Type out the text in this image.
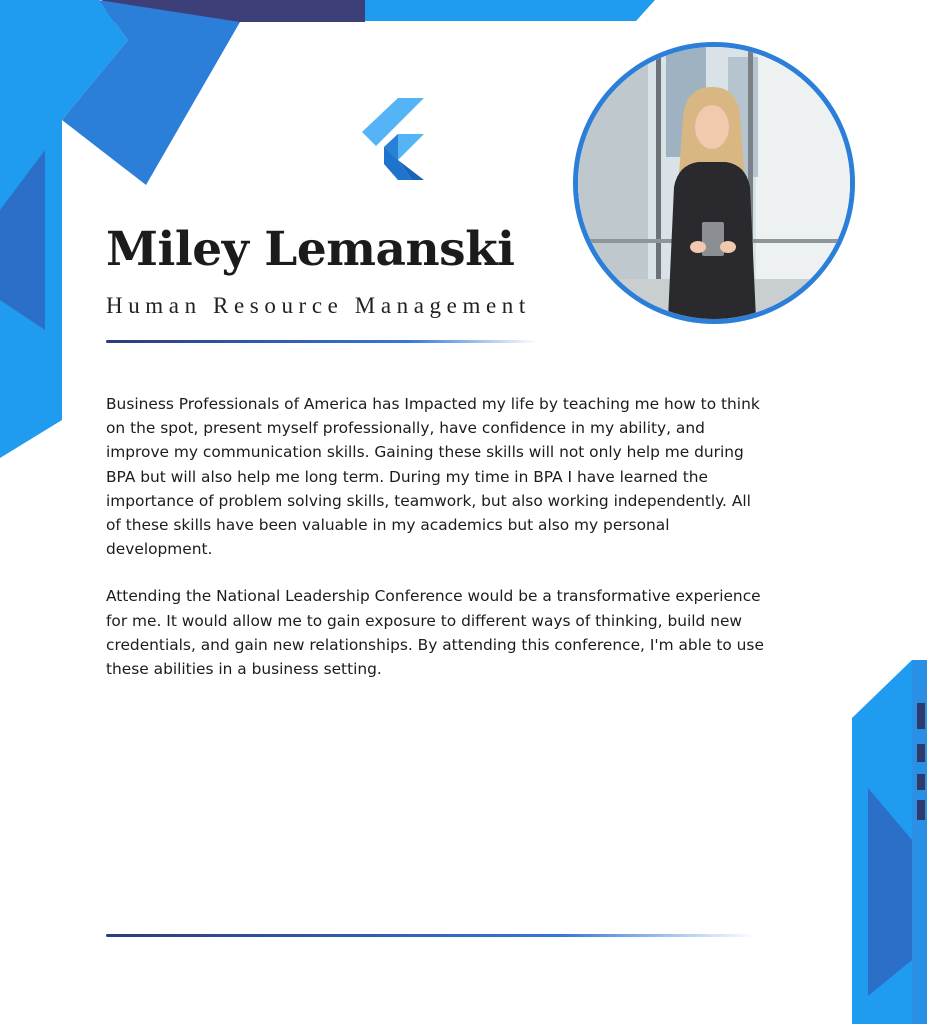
Miley Lemanski
Human Resource Management

Business Professionals of America has Impacted my life by teaching me how to think on the spot, present myself professionally, have confidence in my ability, and improve my communication skills. Gaining these skills will not only help me during BPA but will also help me long term. During my time in BPA I have learned the importance of problem solving skills, teamwork, but also working independently. All of these skills have been valuable in my academics but also my personal development.

Attending the National Leadership Conference would be a transformative experience for me. It would allow me to gain exposure to different ways of thinking, build new credentials, and gain new relationships. By attending this conference, I'm able to use these abilities in a business setting.
